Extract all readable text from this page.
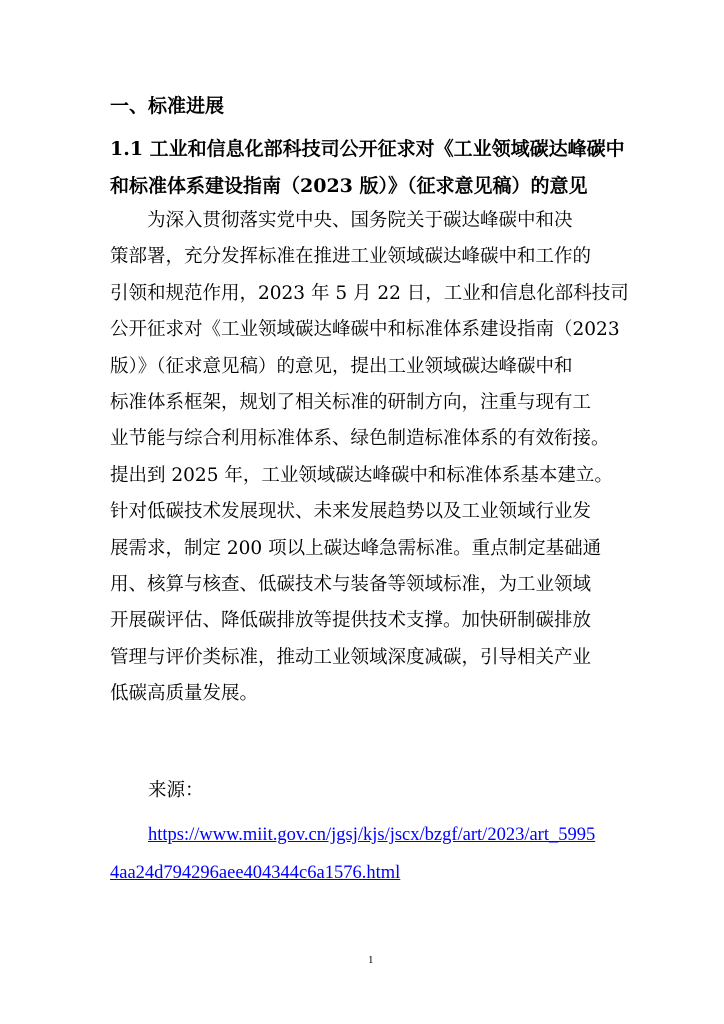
一、标准进展
1.1 工业和信息化部科技司公开征求对《工业领域碳达峰碳中
和标准体系建设指南（2023 版）》（征求意见稿）的意见
　　为深入贯彻落实党中央、国务院关于碳达峰碳中和决
策部署，充分发挥标准在推进工业领域碳达峰碳中和工作的
引领和规范作用，2023 年 5 月 22 日，工业和信息化部科技司
公开征求对《工业领域碳达峰碳中和标准体系建设指南（2023
版）》（征求意见稿）的意见，提出工业领域碳达峰碳中和
标准体系框架，规划了相关标准的研制方向，注重与现有工
业节能与综合利用标准体系、绿色制造标准体系的有效衔接。
提出到 2025 年，工业领域碳达峰碳中和标准体系基本建立。
针对低碳技术发展现状、未来发展趋势以及工业领域行业发
展需求，制定 200 项以上碳达峰急需标准。重点制定基础通
用、核算与核查、低碳技术与装备等领域标准，为工业领域
开展碳评估、降低碳排放等提供技术支撑。加快研制碳排放
管理与评价类标准，推动工业领域深度减碳，引导相关产业
低碳高质量发展。
来源：
https://www.miit.gov.cn/jgsj/kjs/jscx/bzgf/art/2023/art_5995
4aa24d794296aee404344c6a1576.html
1
